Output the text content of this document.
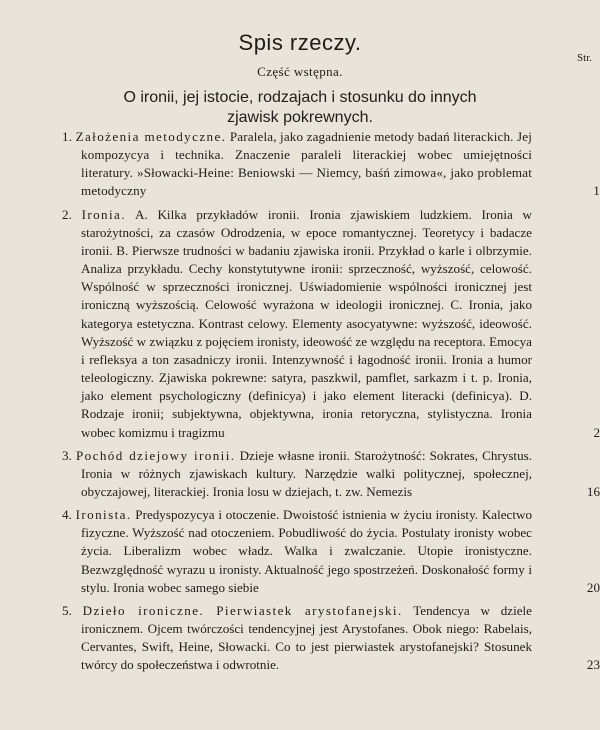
Spis rzeczy.
Str.
Część wstępna.
O ironii, jej istocie, rodzajach i stosunku do innych
zjawisk pokrewnych.
1. Założenia metodyczne. Paralela, jako zagadnienie metody badań literackich. Jej kompozycya i technika. Znaczenie paraleli literackiej wobec umiejętności literatury. »Słowacki-Heine: Beniowski — Niemcy, baśń zimowa«, jako problemat metodyczny	1
2. Ironia. A. Kilka przykładów ironii. Ironia zjawiskiem ludzkiem. Ironia w starożytności, za czasów Odrodzenia, w epoce romantycznej. Teoretycy i badacze ironii. B. Pierwsze trudności w badaniu zjawiska ironii. Przykład o karle i olbrzymie. Analiza przykładu. Cechy konstytutywne ironii: sprzeczność, wyższość, celowość. Wspólność w sprzeczności ironicznej. Uświadomienie wspólności ironicznej jest ironiczną wyższością. Celowość wyrażona w ideologii ironicznej. C. Ironia, jako kategorya estetyczna. Kontrast celowy. Elementy asocyatywne: wyższość, ideowość. Wyższość w związku z pojęciem ironisty, ideowość ze względu na receptora. Emocya i refleksya a ton zasadniczy ironii. Intenzywność i łagodność ironii. Ironia a humor teleologiczny. Zjawiska pokrewne: satyra, paszkwil, pamflet, sarkazm i t. p. Ironia, jako element psychologiczny (definicya) i jako element literacki (definicya). D. Rodzaje ironii; subjektywna, objektywna, ironia retoryczna, stylistyczna. Ironia wobec komizmu i tragizmu	2
3. Pochód dziejowy ironii. Dzieje własne ironii. Starożytność: Sokrates, Chrystus. Ironia w różnych zjawiskach kultury. Narzędzie walki politycznej, społecznej, obyczajowej, literackiej. Ironia losu w dziejach, t. zw. Nemezis	16
4. Ironista. Predyspozycya i otoczenie. Dwoistość istnienia w życiu ironisty. Kalectwo fizyczne. Wyższość nad otoczeniem. Pobudliwość do życia. Postulaty ironisty wobec życia. Liberalizm wobec władz. Walka i zwalczanie. Utopie ironistyczne. Bezwzględność wyrazu u ironisty. Aktualność jego spostrzeżeń. Doskonałość formy i stylu. Ironia wobec samego siebie	20
5. Dzieło ironiczne. Pierwiastek arystofanejski. Tendencya w dziele ironicznem. Ojcem twórczości tendencyjnej jest Arystofanes. Obok niego: Rabelais, Cervantes, Swift, Heine, Słowacki. Co to jest pierwiastek arystofanejski? Stosunek twórcy do społeczeństwa i odwrotnie.	23
